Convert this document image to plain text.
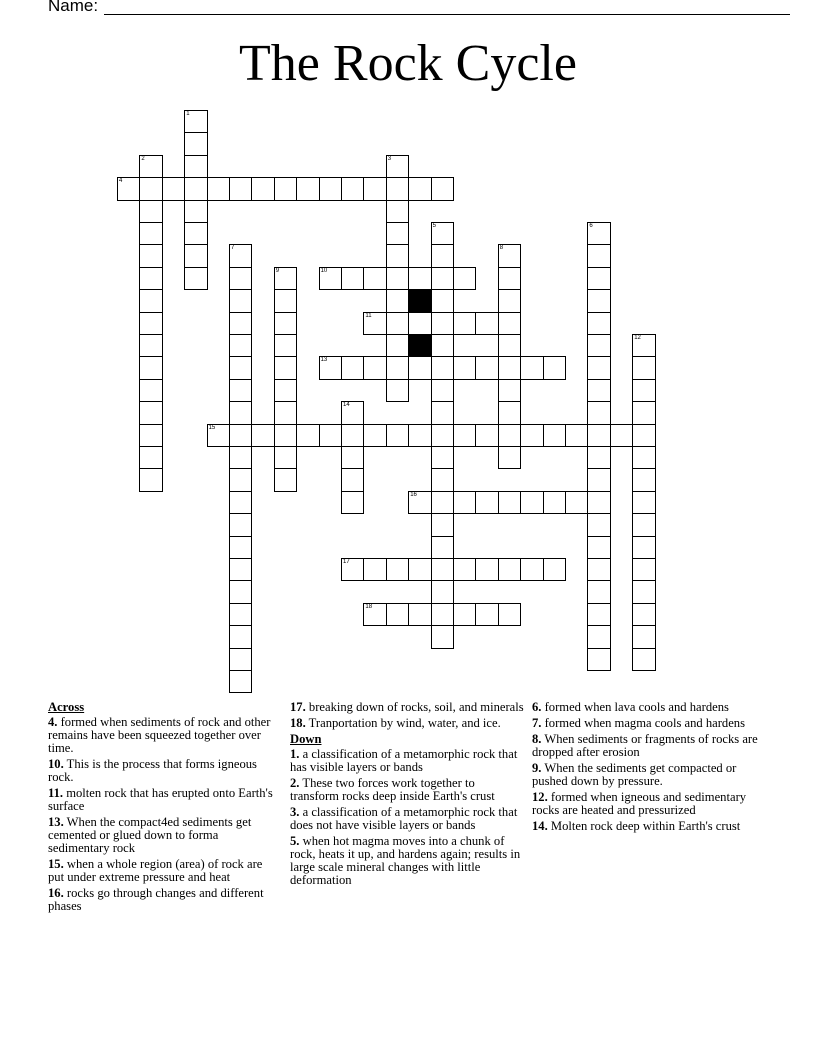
Name:
The Rock Cycle
1
2	3
4
5	6
7	8
9	10
11
12
13
14
15
16
17
18
Across
4. formed when sediments of rock and other remains have been squeezed together over time.
10. This is the process that forms igneous rock.
11. molten rock that has erupted onto Earth's surface
13. When the compact4ed sediments get cemented or glued down to forma sedimentary rock
15. when a whole region (area) of rock are put under extreme pressure and heat
16. rocks go through changes and different phases
17. breaking down of rocks, soil, and minerals
18. Tranportation by wind, water, and ice.
Down
1. a classification of a metamorphic rock that has visible layers or bands
2. These two forces work together to transform rocks deep inside Earth's crust
3. a classification of a metamorphic rock that does not have visible layers or bands
5. when hot magma moves into a chunk of rock, heats it up, and hardens again; results in large scale mineral changes with little deformation
6. formed when lava cools and hardens
7. formed when magma cools and hardens
8. When sediments or fragments of rocks are dropped after erosion
9. When the sediments get compacted or pushed down by pressure.
12. formed when igneous and sedimentary rocks are heated and pressurized
14. Molten rock deep within Earth's crust
